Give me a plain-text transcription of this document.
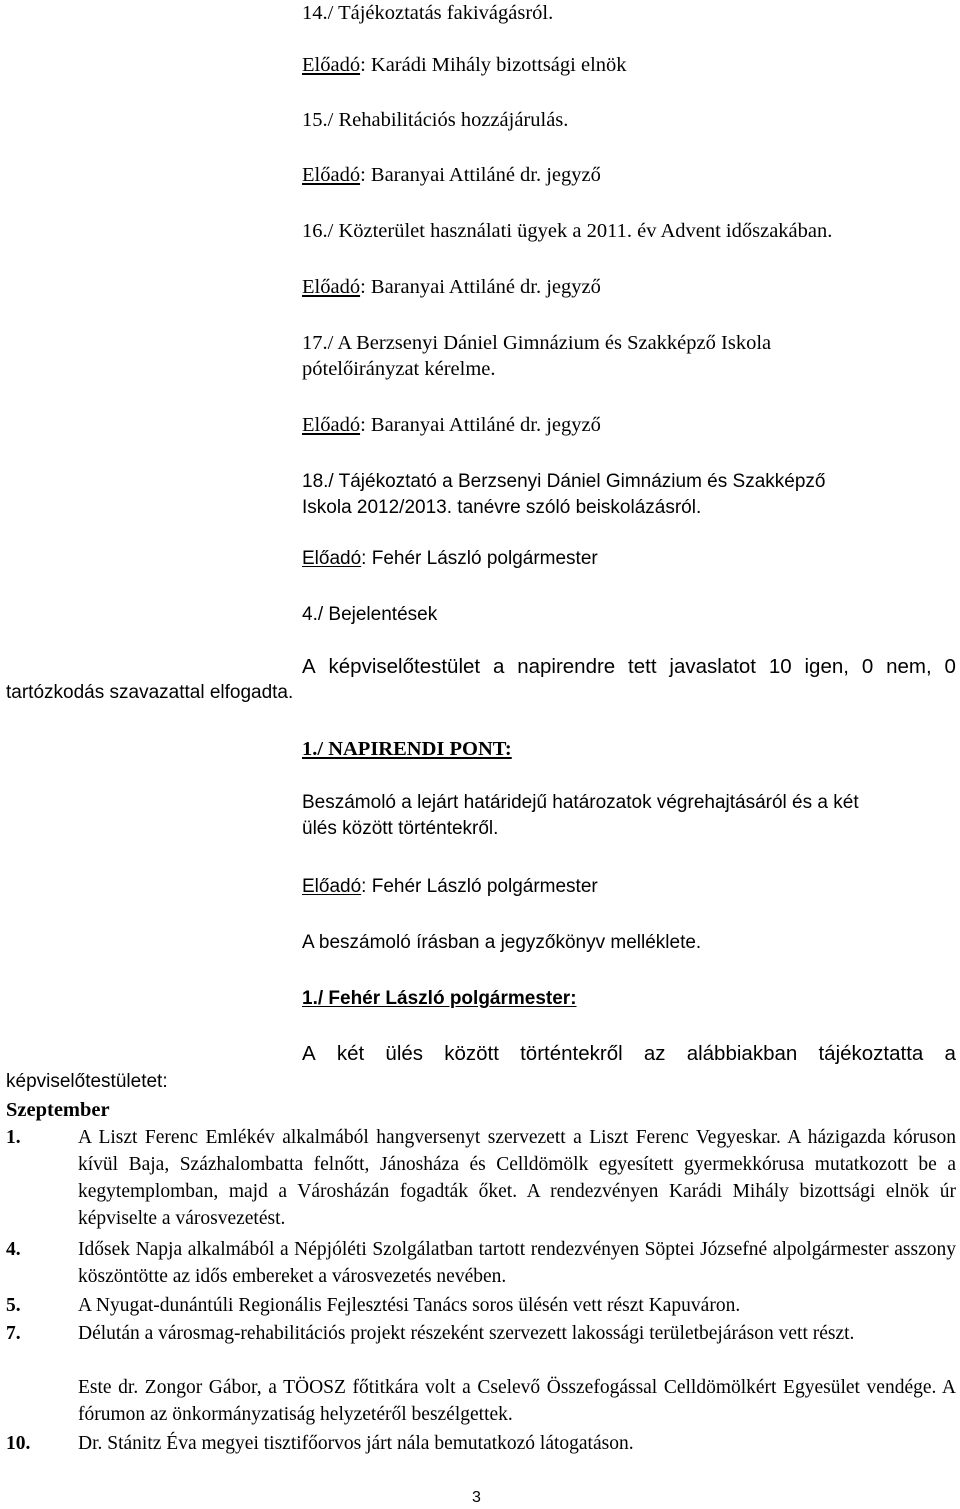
14./ Tájékoztatás fakivágásról.
Előadó: Karádi Mihály bizottsági elnök
15./ Rehabilitációs hozzájárulás.
Előadó: Baranyai Attiláné dr. jegyző
16./ Közterület használati ügyek a 2011. év Advent időszakában.
Előadó: Baranyai Attiláné dr. jegyző
17./ A Berzsenyi Dániel Gimnázium és Szakképző Iskola
pótelőirányzat kérelme.
Előadó: Baranyai Attiláné dr. jegyző
18./ Tájékoztató a Berzsenyi Dániel Gimnázium és Szakképző
Iskola 2012/2013. tanévre szóló beiskolázásról.
Előadó: Fehér László polgármester
4./ Bejelentések
A képviselőtestület a napirendre tett javaslatot 10 igen, 0 nem, 0
tartózkodás szavazattal elfogadta.
1./ NAPIRENDI PONT:
Beszámoló a lejárt határidejű határozatok végrehajtásáról és a két
ülés között történtekről.
Előadó: Fehér László polgármester
A beszámoló írásban a jegyzőkönyv melléklete.
1./ Fehér László polgármester:
A két ülés között történtekről az alábbiakban tájékoztatta a
képviselőtestületet:
Szeptember
1.	A Liszt Ferenc Emlékév alkalmából hangversenyt szervezett a Liszt Ferenc Vegyeskar. A házigazda kóruson kívül Baja, Százhalombatta felnőtt, Jánosháza és Celldömölk egyesített gyermekkórusa mutatkozott be a kegytemplomban, majd a Városházán fogadták őket. A rendezvényen Karádi Mihály bizottsági elnök úr képviselte a városvezetést.
4.	Idősek Napja alkalmából a Népjóléti Szolgálatban tartott rendezvényen Söptei Józsefné alpolgármester asszony köszöntötte az idős embereket a városvezetés nevében.
5.	A Nyugat-dunántúli Regionális Fejlesztési Tanács soros ülésén vett részt Kapuváron.
7.	Délután a városmag-rehabilitációs projekt részeként szervezett lakossági területbejáráson vett részt.
Este dr. Zongor Gábor, a TÖOSZ főtitkára volt a Cselevő Összefogással Celldömölkért Egyesület vendége. A fórumon az önkormányzatiság helyzetéről beszélgettek.
10. Dr. Stánitz Éva megyei tisztifőorvos járt nála bemutatkozó látogatáson.
3
